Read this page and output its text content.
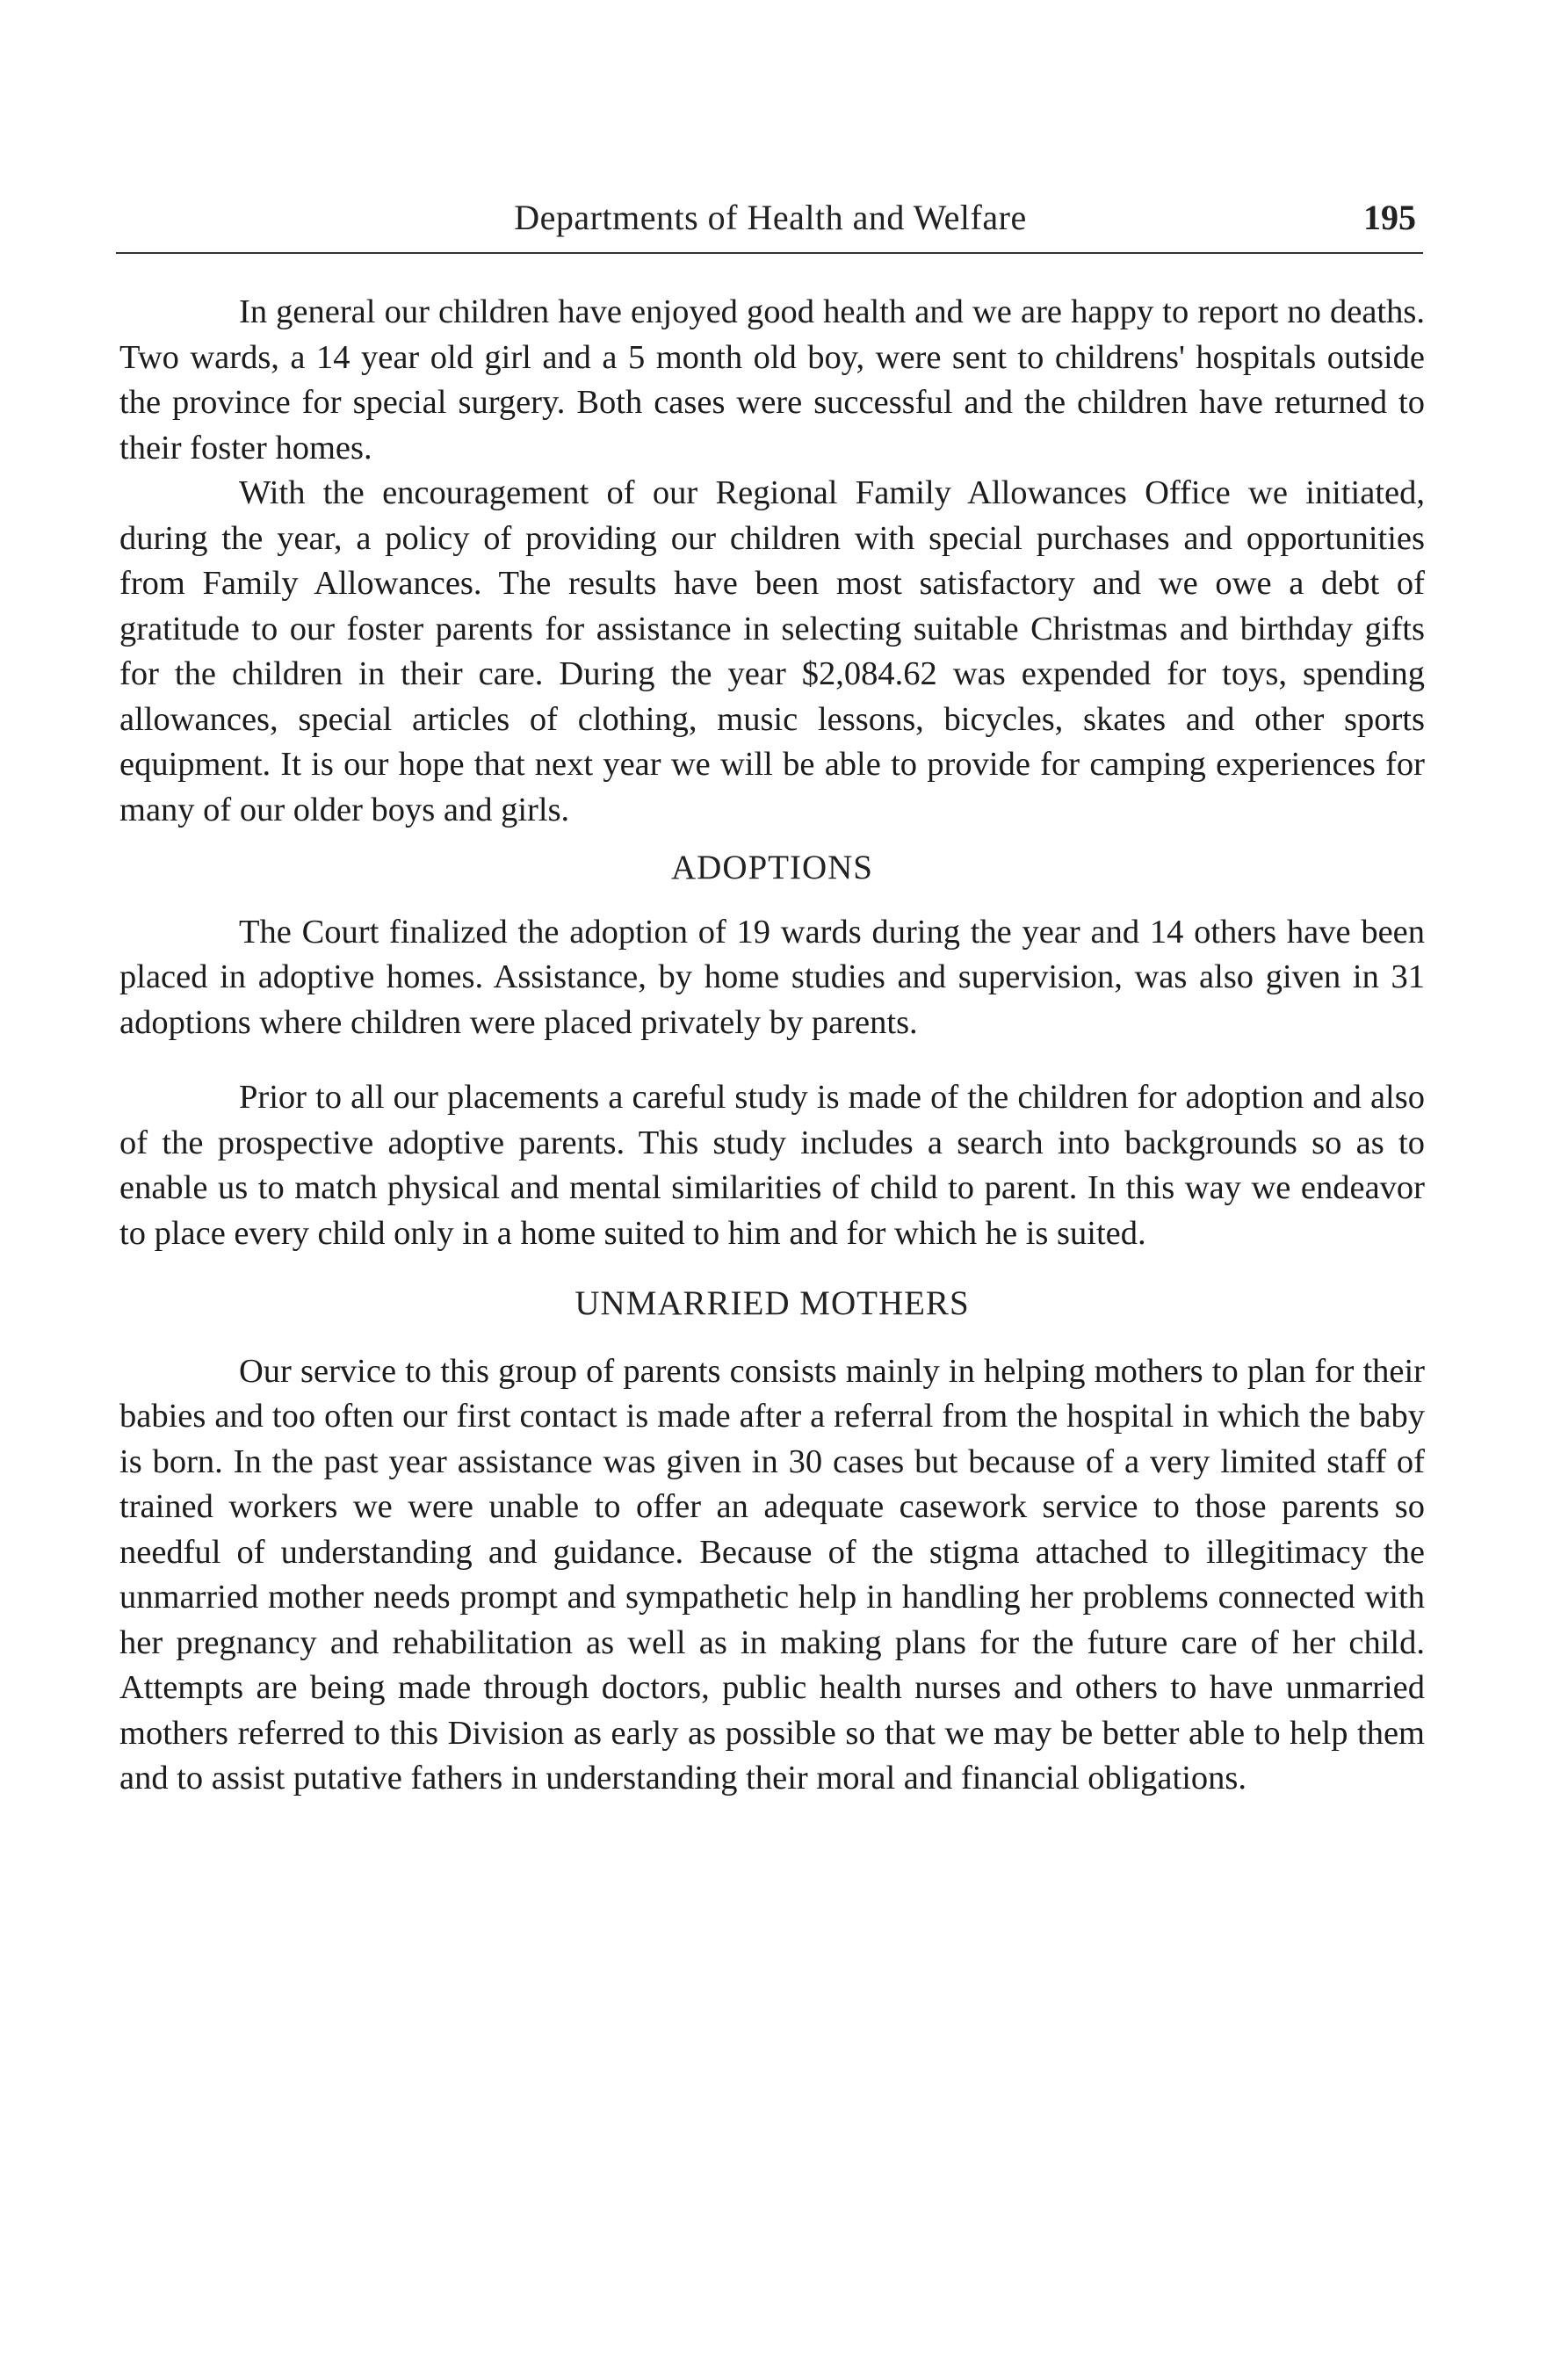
Departments of Health and Welfare	195

In general our children have enjoyed good health and we are happy to report no deaths. Two wards, a 14 year old girl and a 5 month old boy, were sent to childrens' hospitals outside the province for special surgery. Both cases were successful and the children have returned to their foster homes.

With the encouragement of our Regional Family Allowances Office we initiated, during the year, a policy of providing our children with special purchases and opportunities from Family Allowances. The results have been most satisfactory and we owe a debt of gratitude to our foster parents for assistance in selecting suitable Christmas and birthday gifts for the children in their care. During the year $2,084.62 was expended for toys, spending allowances, special articles of clothing, music lessons, bicycles, skates and other sports equipment. It is our hope that next year we will be able to provide for camping experiences for many of our older boys and girls.

ADOPTIONS

The Court finalized the adoption of 19 wards during the year and 14 others have been placed in adoptive homes. Assistance, by home studies and supervision, was also given in 31 adoptions where children were placed privately by parents.

Prior to all our placements a careful study is made of the children for adoption and also of the prospective adoptive parents. This study includes a search into backgrounds so as to enable us to match physical and mental similarities of child to parent. In this way we endeavor to place every child only in a home suited to him and for which he is suited.

UNMARRIED MOTHERS

Our service to this group of parents consists mainly in helping mothers to plan for their babies and too often our first contact is made after a referral from the hospital in which the baby is born. In the past year assistance was given in 30 cases but because of a very limited staff of trained workers we were unable to offer an adequate casework service to those parents so needful of understanding and guidance. Because of the stigma attached to illegitimacy the unmarried mother needs prompt and sympathetic help in handling her problems connected with her pregnancy and rehabilitation as well as in making plans for the future care of her child. Attempts are being made through doctors, public health nurses and others to have unmarried mothers referred to this Division as early as possible so that we may be better able to help them and to assist putative fathers in understanding their moral and financial obligations.
